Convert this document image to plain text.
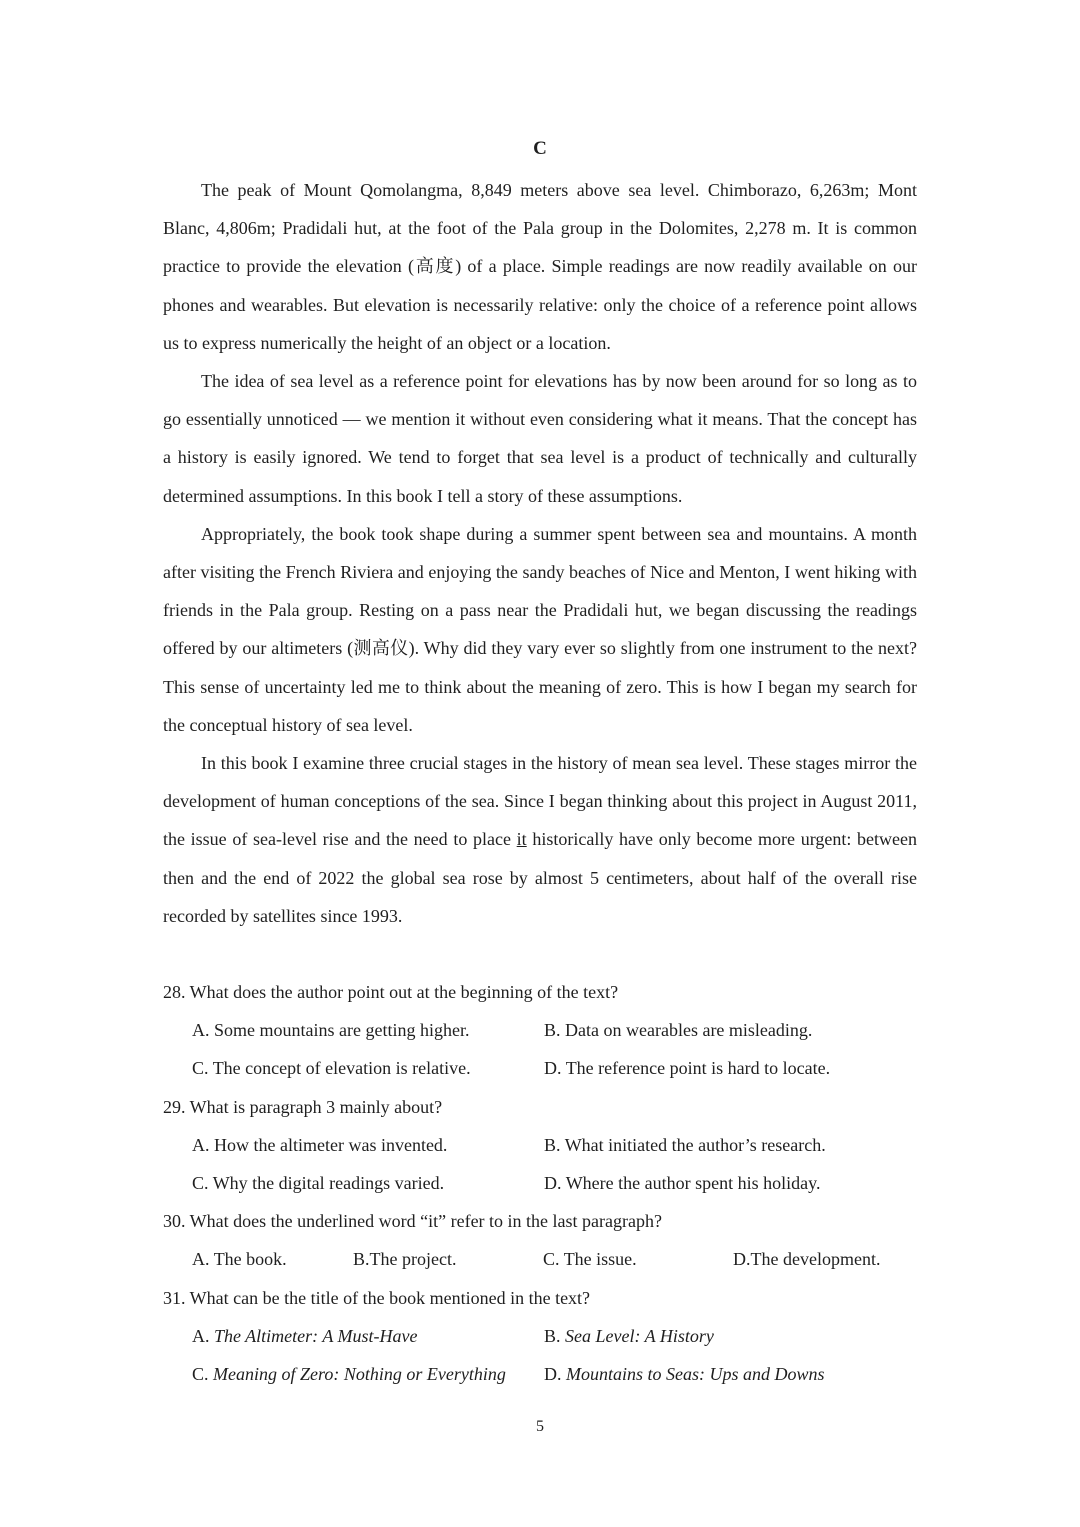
C

The peak of Mount Qomolangma, 8,849 meters above sea level. Chimborazo, 6,263m; Mont Blanc, 4,806m; Pradidali hut, at the foot of the Pala group in the Dolomites, 2,278 m. It is common practice to provide the elevation (高度) of a place. Simple readings are now readily available on our phones and wearables. But elevation is necessarily relative: only the choice of a reference point allows us to express numerically the height of an object or a location.

The idea of sea level as a reference point for elevations has by now been around for so long as to go essentially unnoticed — we mention it without even considering what it means. That the concept has a history is easily ignored. We tend to forget that sea level is a product of technically and culturally determined assumptions. In this book I tell a story of these assumptions.

Appropriately, the book took shape during a summer spent between sea and mountains. A month after visiting the French Riviera and enjoying the sandy beaches of Nice and Menton, I went hiking with friends in the Pala group. Resting on a pass near the Pradidali hut, we began discussing the readings offered by our altimeters (测高仪). Why did they vary ever so slightly from one instrument to the next? This sense of uncertainty led me to think about the meaning of zero. This is how I began my search for the conceptual history of sea level.

In this book I examine three crucial stages in the history of mean sea level. These stages mirror the development of human conceptions of the sea. Since I began thinking about this project in August 2011, the issue of sea-level rise and the need to place it historically have only become more urgent: between then and the end of 2022 the global sea rose by almost 5 centimeters, about half of the overall rise recorded by satellites since 1993.

28. What does the author point out at the beginning of the text?

A. Some mountains are getting higher.	B. Data on wearables are misleading.
C. The concept of elevation is relative.	D. The reference point is hard to locate.

29. What is paragraph 3 mainly about?

A. How the altimeter was invented.	B. What initiated the author’s research.
C. Why the digital readings varied.	D. Where the author spent his holiday.

30. What does the underlined word “it” refer to in the last paragraph?

A. The book.	B.The project.	C. The issue.	D.The development.

31. What can be the title of the book mentioned in the text?

A. The Altimeter: A Must-Have	B. Sea Level: A History
C. Meaning of Zero: Nothing or Everything	D. Mountains to Seas: Ups and Downs
5
